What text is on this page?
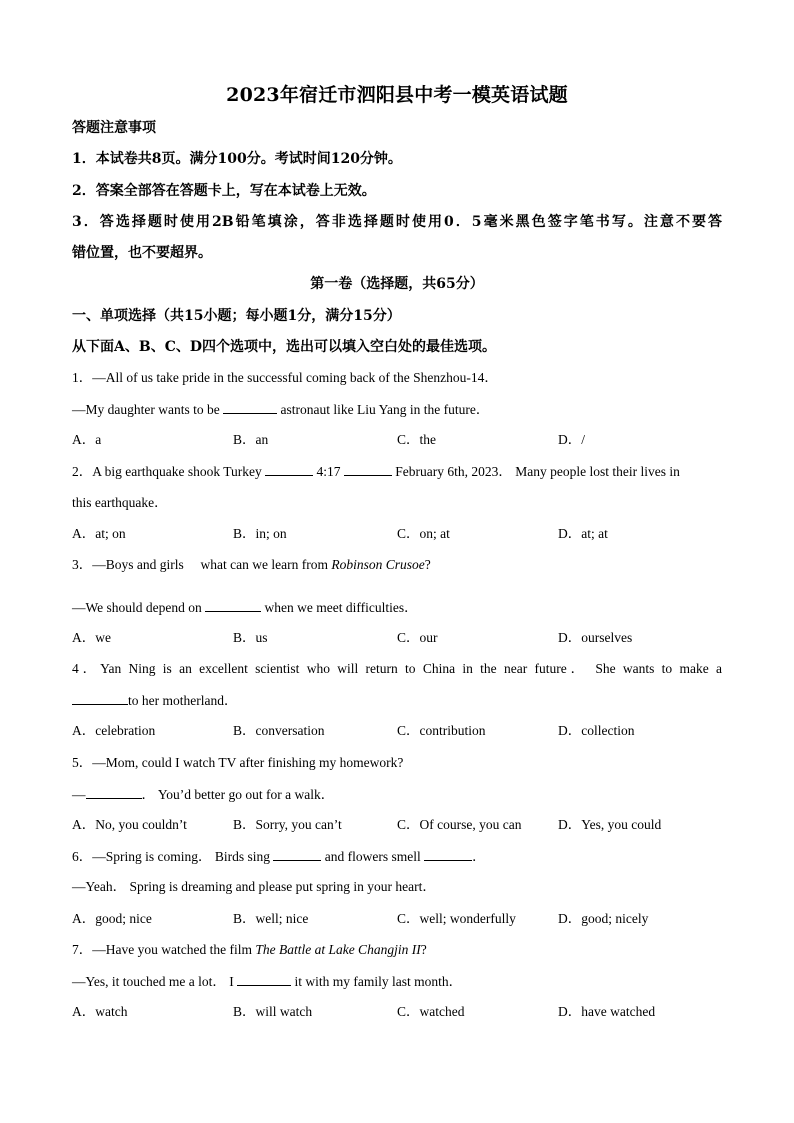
2023年宿迁市泗阳县中考一模英语试题
答题注意事项
1．本试卷共8页。满分100分。考试时间120分钟。
2．答案全部答在答题卡上，写在本试卷上无效。
3．答选择题时使用2B铅笔填涂，答非选择题时使用0．5毫米黑色签字笔书写。注意不要答
错位置，也不要超界。
第一卷（选择题，共65分）
一、单项选择（共15小题；每小题1分，满分15分）
从下面A、B、C、D四个选项中，选出可以填入空白处的最佳选项。
1．—All of us take pride in the successful coming back of the Shenzhou-14．
—My daughter wants to be	astronaut like Liu Yang in the future．
A．a	B．an	C．the	D．/
2．A big earthquake shook Turkey	4:17	February 6th, 2023． Many people lost their lives in
this earthquake．
A．at; on	B．in; on	C．on; at	D．at; at
3．—Boys and girls what can we learn from Robinson Crusoe?
—We should depend on	when we meet difficulties．
A．we	B．us	C．our	D．ourselves
4．Yan Ning is an excellent scientist who will return to China in the near future． She wants to make a
to her motherland．
A．celebration	B．conversation	C．contribution	D．collection
5．—Mom, could I watch TV after finishing my homework?
—	． You’d better go out for a walk．
A．No, you couldn’t	B．Sorry, you can’t	C．Of course, you can	D．Yes, you could
6．—Spring is coming． Birds sing	and flowers smell	．
—Yeah． Spring is dreaming and please put spring in your heart．
A．good; nice	B．well; nice	C．well; wonderfully	D．good; nicely
7．—Have you watched the film The Battle at Lake Changjin II?
—Yes, it touched me a lot． I	it with my family last month．
A．watch	B．will watch	C．watched	D．have watched
